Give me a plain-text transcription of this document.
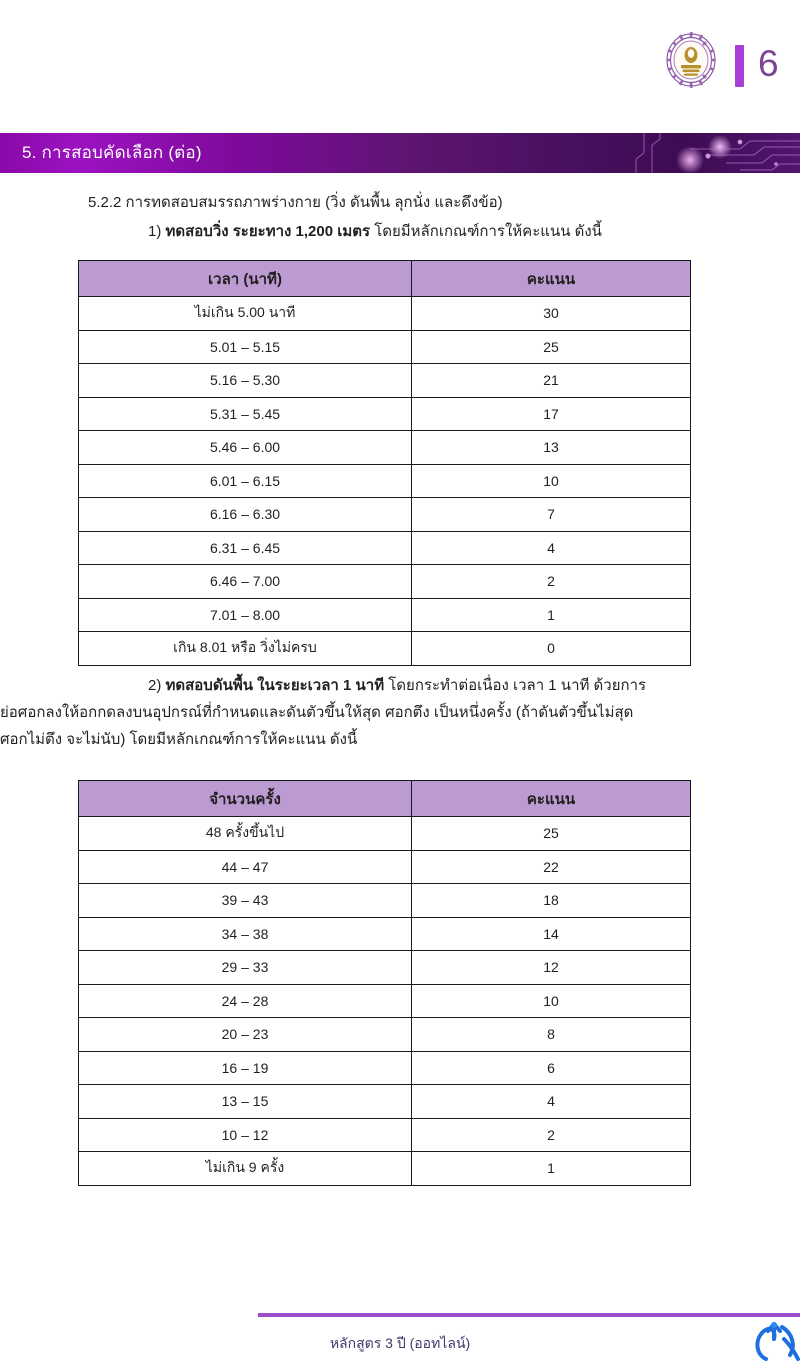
6
5. การสอบคัดเลือก (ต่อ)
5.2.2 การทดสอบสมรรถภาพร่างกาย (วิ่ง ดันพื้น ลุกนั่ง และดึงข้อ)
1) ทดสอบวิ่ง ระยะทาง 1,200 เมตร โดยมีหลักเกณฑ์การให้คะแนน ดังนี้
เวลา (นาที)	คะแนน
ไม่เกิน 5.00 นาที	30
5.01 – 5.15	25
5.16 – 5.30	21
5.31 – 5.45	17
5.46 – 6.00	13
6.01 – 6.15	10
6.16 – 6.30	7
6.31 – 6.45	4
6.46 – 7.00	2
7.01 – 8.00	1
เกิน 8.01 หรือ วิ่งไม่ครบ	0
2) ทดสอบดันพื้น ในระยะเวลา 1 นาที โดยกระทำต่อเนื่อง เวลา 1 นาที ด้วยการ
ย่อศอกลงให้อกกดลงบนอุปกรณ์ที่กำหนดและดันตัวขึ้นให้สุด ศอกตึง เป็นหนึ่งครั้ง (ถ้าดันตัวขึ้นไม่สุด
ศอกไม่ตึง จะไม่นับ) โดยมีหลักเกณฑ์การให้คะแนน ดังนี้
จำนวนครั้ง	คะแนน
48 ครั้งขึ้นไป	25
44 – 47	22
39 – 43	18
34 – 38	14
29 – 33	12
24 – 28	10
20 – 23	8
16 – 19	6
13 – 15	4
10 – 12	2
ไม่เกิน 9 ครั้ง	1
หลักสูตร 3 ปี (ออทไลน์)
